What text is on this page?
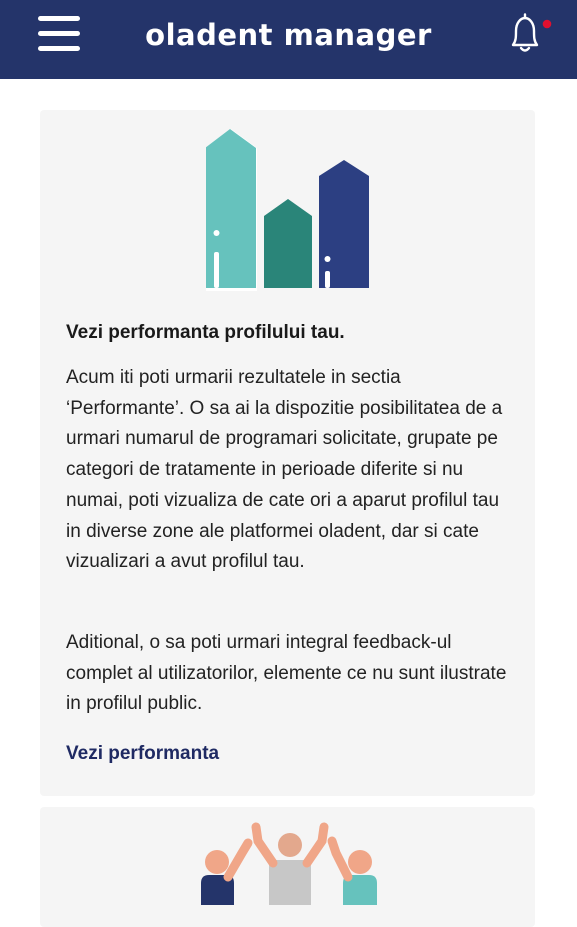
oladent manager
Vezi performanta profilului tau.

Acum iti poti urmarii rezultatele in sectia ‘Performante’. O sa ai la dispozitie posibilitatea de a urmari numarul de programari solicitate, grupate pe categori de tratamente in perioade diferite si nu numai, poti vizualiza de cate ori a aparut profilul tau in diverse zone ale platformei oladent, dar si cate vizualizari a avut profilul tau.

Aditional, o sa poti urmari integral feedback-ul complet al utilizatorilor, elemente ce nu sunt ilustrate in profilul public.

Vezi performanta
